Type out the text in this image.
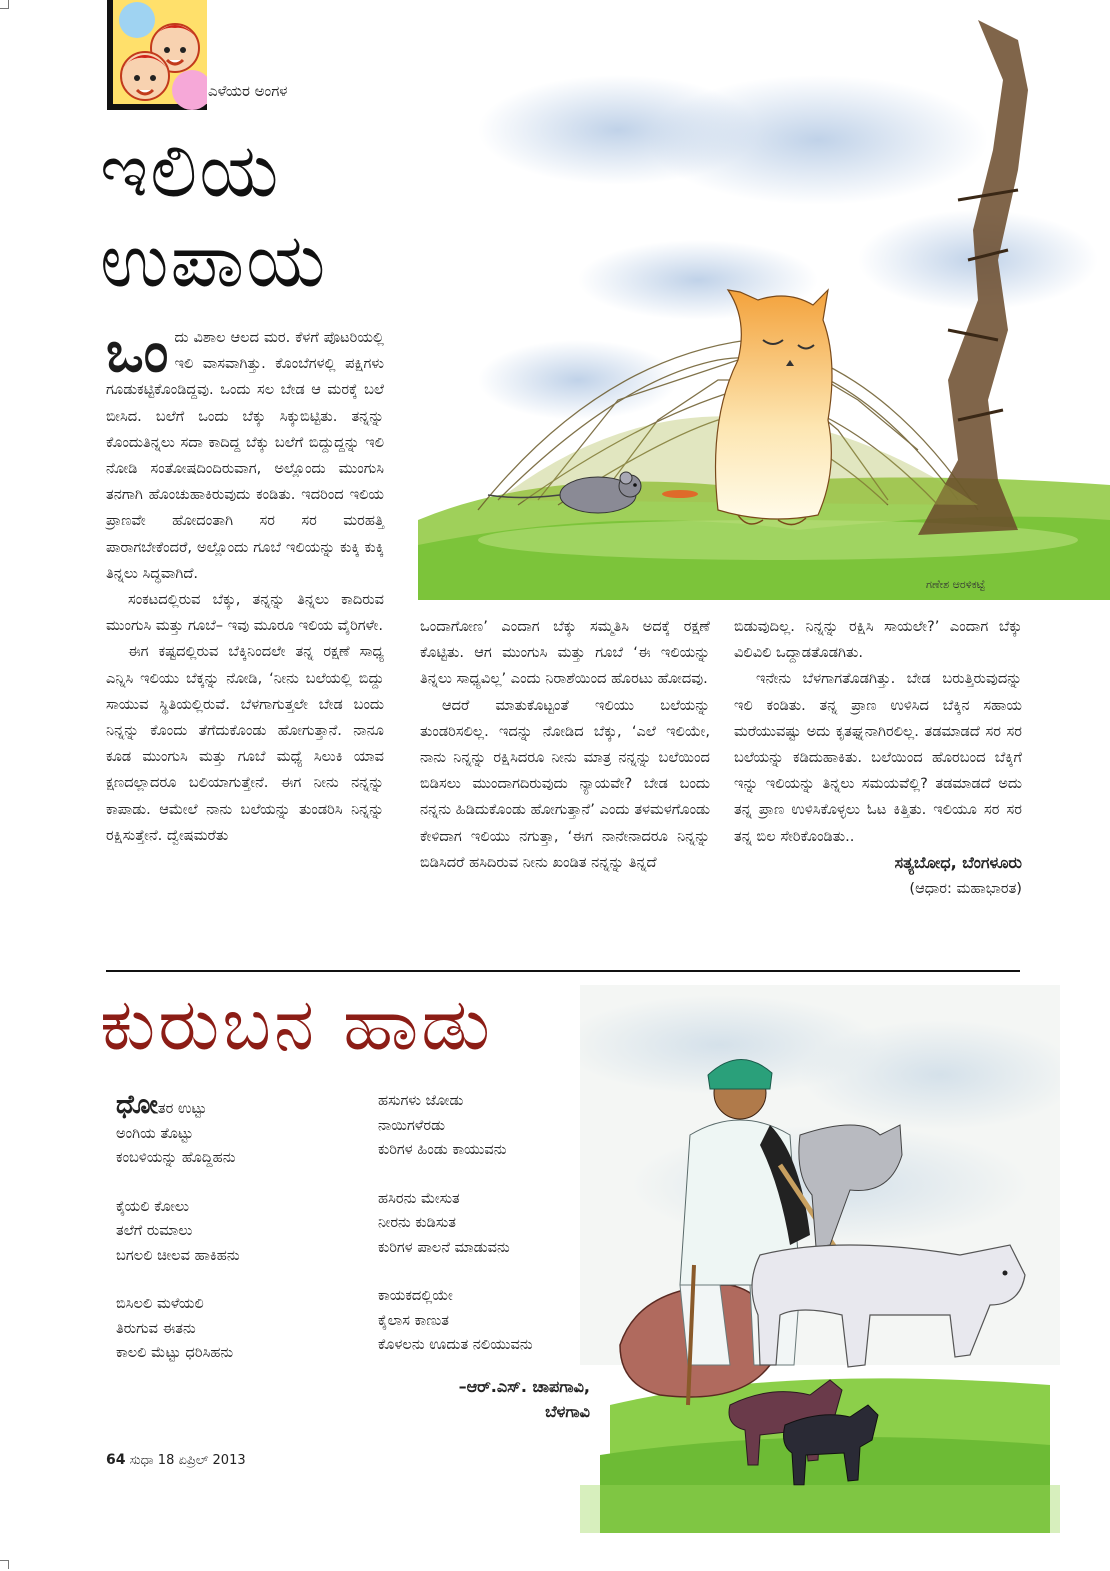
ಎಳೆಯರ ಅಂಗಳ
ಇಲಿಯ
ಉಪಾಯ
ಗಣೇಶ ಆರಳಿಕಟ್ಟೆ

ಒಂ ದು ವಿಶಾಲ ಆಲದ ಮರ. ಕೆಳಗೆ ಪೊಟರಿಯಲ್ಲಿ ಇಲಿ ವಾಸವಾಗಿತ್ತು. ಕೊಂಬೆಗಳಲ್ಲಿ ಪಕ್ಷಿಗಳು ಗೂಡುಕಟ್ಟಿಕೊಂಡಿದ್ದವು. ಒಂದು ಸಲ ಬೇಡ ಆ ಮರಕ್ಕೆ ಬಲೆ ಬೀಸಿದ. ಬಲೆಗೆ ಒಂದು ಬೆಕ್ಕು ಸಿಕ್ಕುಬಿಟ್ಟಿತು. ತನ್ನನ್ನು ಕೊಂದುತಿನ್ನಲು ಸದಾ ಕಾದಿದ್ದ ಬೆಕ್ಕು ಬಲೆಗೆ ಬಿದ್ದುದ್ದನ್ನು ಇಲಿ ನೋಡಿ ಸಂತೋಷದಿಂದಿರುವಾಗ, ಅಲ್ಲೊಂದು ಮುಂಗುಸಿ ತನಗಾಗಿ ಹೊಂಚುಹಾಕಿರುವುದು ಕಂಡಿತು. ಇದರಿಂದ ಇಲಿಯ ಪ್ರಾಣವೇ ಹೋದಂತಾಗಿ ಸರ ಸರ ಮರಹತ್ತಿ ಪಾರಾಗಬೇಕೆಂದರೆ, ಅಲ್ಲೊಂದು ಗೂಬೆ ಇಲಿಯನ್ನು ಕುಕ್ಕಿ ಕುಕ್ಕಿ ತಿನ್ನಲು ಸಿದ್ಧವಾಗಿದೆ.

ಸಂಕಟದಲ್ಲಿರುವ ಬೆಕ್ಕು, ತನ್ನನ್ನು ತಿನ್ನಲು ಕಾದಿರುವ ಮುಂಗುಸಿ ಮತ್ತು ಗೂಬೆ– ಇವು ಮೂರೂ ಇಲಿಯ ವೈರಿಗಳೇ.

ಈಗ ಕಷ್ಟದಲ್ಲಿರುವ ಬೆಕ್ಕಿನಿಂದಲೇ ತನ್ನ ರಕ್ಷಣೆ ಸಾಧ್ಯ ಎನ್ನಿಸಿ ಇಲಿಯು ಬೆಕ್ಕನ್ನು ನೋಡಿ, ‘ನೀನು ಬಲೆಯಲ್ಲಿ ಬಿದ್ದು ಸಾಯುವ ಸ್ಥಿತಿಯಲ್ಲಿರುವೆ. ಬೆಳಗಾಗುತ್ತಲೇ ಬೇಡ ಬಂದು ನಿನ್ನನ್ನು ಕೊಂದು ತೆಗೆದುಕೊಂಡು ಹೋಗುತ್ತಾನೆ. ನಾನೂ ಕೂಡ ಮುಂಗುಸಿ ಮತ್ತು ಗೂಬೆ ಮಧ್ಯೆ ಸಿಲುಕಿ ಯಾವ ಕ್ಷಣದಲ್ಲಾದರೂ ಬಲಿಯಾಗುತ್ತೇನೆ. ಈಗ ನೀನು ನನ್ನನ್ನು ಕಾಪಾಡು. ಆಮೇಲೆ ನಾನು ಬಲೆಯನ್ನು ತುಂಡರಿಸಿ ನಿನ್ನನ್ನು ರಕ್ಷಿಸುತ್ತೇನೆ. ದ್ವೇಷಮರೆತು

ಒಂದಾಗೋಣ’ ಎಂದಾಗ ಬೆಕ್ಕು ಸಮ್ಮತಿಸಿ ಅದಕ್ಕೆ ರಕ್ಷಣೆ ಕೊಟ್ಟಿತು. ಆಗ ಮುಂಗುಸಿ ಮತ್ತು ಗೂಬೆ ‘ಈ ಇಲಿಯನ್ನು ತಿನ್ನಲು ಸಾಧ್ಯವಿಲ್ಲ’ ಎಂದು ನಿರಾಶೆಯಿಂದ ಹೊರಟು ಹೋದವು.

ಆದರೆ ಮಾತುಕೊಟ್ಟಂತೆ ಇಲಿಯು ಬಲೆಯನ್ನು ತುಂಡರಿಸಲಿಲ್ಲ. ಇದನ್ನು ನೋಡಿದ ಬೆಕ್ಕು, ‘ಎಲೆ ಇಲಿಯೇ, ನಾನು ನಿನ್ನನ್ನು ರಕ್ಷಿಸಿದರೂ ನೀನು ಮಾತ್ರ ನನ್ನನ್ನು ಬಲೆಯಿಂದ ಬಿಡಿಸಲು ಮುಂದಾಗದಿರುವುದು ನ್ಯಾಯವೇ? ಬೇಡ ಬಂದು ನನ್ನನು ಹಿಡಿದುಕೊಂಡು ಹೋಗುತ್ತಾನೆ’ ಎಂದು ತಳಮಳಗೊಂಡು ಕೇಳಿದಾಗ ಇಲಿಯು ನಗುತ್ತಾ, ‘ಈಗ ನಾನೇನಾದರೂ ನಿನ್ನನ್ನು ಬಿಡಿಸಿದರೆ ಹಸಿದಿರುವ ನೀನು ಖಂಡಿತ ನನ್ನನ್ನು ತಿನ್ನದೆ

ಬಿಡುವುದಿಲ್ಲ. ನಿನ್ನನ್ನು ರಕ್ಷಿಸಿ ಸಾಯಲೇ?’ ಎಂದಾಗ ಬೆಕ್ಕು ವಿಲಿವಿಲಿ ಒದ್ದಾಡತೊಡಗಿತು.

ಇನೇನು ಬೆಳಗಾಗತೊಡಗಿತ್ತು. ಬೇಡ ಬರುತ್ತಿರುವುದನ್ನು ಇಲಿ ಕಂಡಿತು. ತನ್ನ ಪ್ರಾಣ ಉಳಿಸಿದ ಬೆಕ್ಕಿನ ಸಹಾಯ ಮರೆಯುವಷ್ಟು ಅದು ಕೃತಘ್ನನಾಗಿರಲಿಲ್ಲ. ತಡಮಾಡದೆ ಸರ ಸರ ಬಲೆಯನ್ನು ಕಡಿದುಹಾಕಿತು. ಬಲೆಯಿಂದ ಹೊರಬಂದ ಬೆಕ್ಕಿಗೆ ಇನ್ನು ಇಲಿಯನ್ನು ತಿನ್ನಲು ಸಮಯವೆಲ್ಲಿ? ತಡಮಾಡದೆ ಅದು ತನ್ನ ಪ್ರಾಣ ಉಳಿಸಿಕೊಳ್ಳಲು ಓಟ ಕಿತ್ತಿತು. ಇಲಿಯೂ ಸರ ಸರ ತನ್ನ ಬಿಲ ಸೇರಿಕೊಂಡಿತು..

ಸತ್ಯಬೋಧ, ಬೆಂಗಳೂರು
(ಆಧಾರ: ಮಹಾಭಾರತ)
ಕುರುಬನ ಹಾಡು
ಧೋತರ ಉಟ್ಟು
ಅಂಗಿಯ ತೊಟ್ಟು
ಕಂಬಳಿಯನ್ನು ಹೊದ್ದಿಹನು
ಕೈಯಲಿ ಕೋಲು
ತಲೆಗೆ ರುಮಾಲು
ಬಗಲಲಿ ಚೀಲವ ಹಾಕಿಹನು
ಬಿಸಿಲಲಿ ಮಳೆಯಲಿ
ತಿರುಗುವ ಈತನು
ಕಾಲಲಿ ಮೆಟ್ಟು ಧರಿಸಿಹನು
ಹಸುಗಳು ಜೋಡು
ನಾಯಿಗಳೆರಡು
ಕುರಿಗಳ ಹಿಂಡು ಕಾಯುವನು
ಹಸಿರನು ಮೇಸುತ
ನೀರನು ಕುಡಿಸುತ
ಕುರಿಗಳ ಪಾಲನೆ ಮಾಡುವನು
ಕಾಯಕದಲ್ಲಿಯೇ
ಕೈಲಾಸ ಕಾಣುತ
ಕೊಳಲನು ಊದುತ ನಲಿಯುವನು
–ಆರ್.ಎಸ್. ಚಾಪಗಾವಿ,
ಬೆಳಗಾವಿ
64 ಸುಧಾ 18 ಏಪ್ರಿಲ್ 2013
